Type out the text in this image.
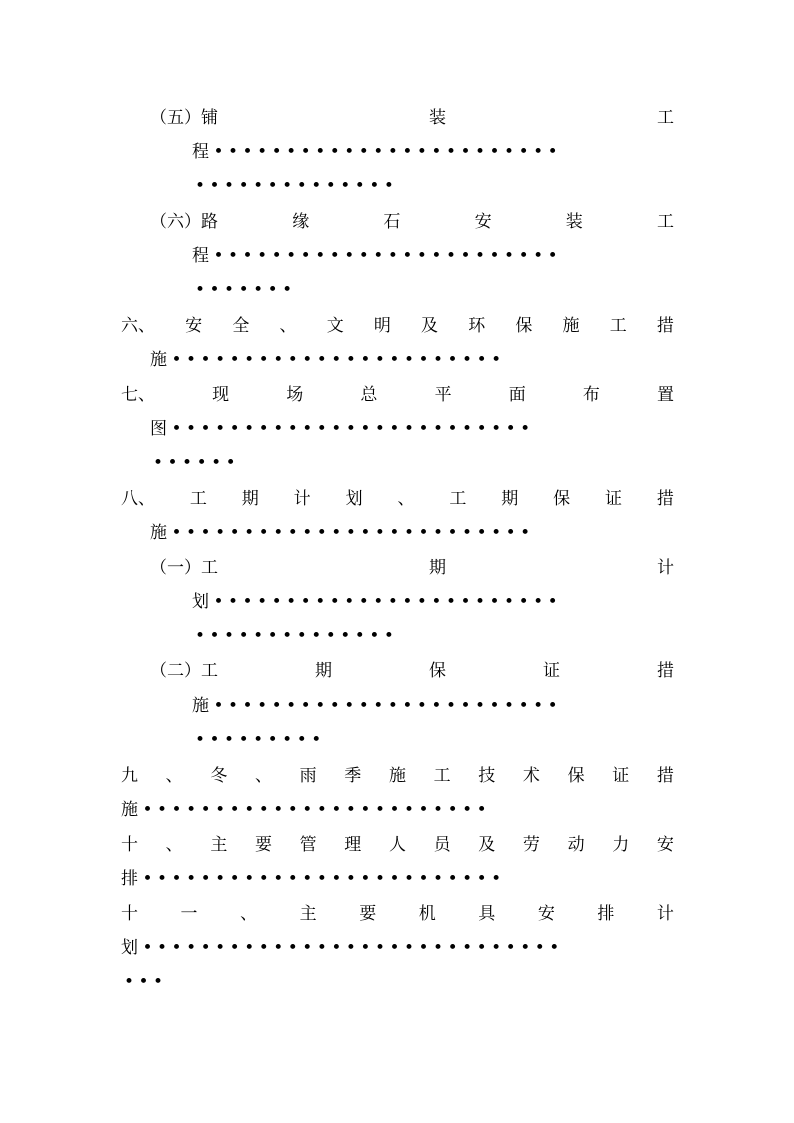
（五）铺	装	工
程••••••••••••••••••••••••
••••••••••••••
（六）路	缘	石	安	装	工
程••••••••••••••••••••••••
•••••••
六、 安 全 、 文 明 及 环 保 施 工 措
施•••••••••••••••••••••••
七、	现	场	总	平	面	布	置
图•••••••••••••••••••••••••
••••••
八、 工 期 计 划 、 工 期 保 证 措
施•••••••••••••••••••••••••
（一）工	期	计
划••••••••••••••••••••••••
••••••••••••••
（二）工	期	保	证	措
施••••••••••••••••••••••••
•••••••••
九 、 冬 、 雨 季 施 工 技 术 保 证 措
施••••••••••••••••••••••••
十 、 主 要 管 理 人 员 及 劳 动 力 安
排•••••••••••••••••••••••••
十	一	、	主	要	机	具	安	排	计
划•••••••••••••••••••••••••••••
•••
